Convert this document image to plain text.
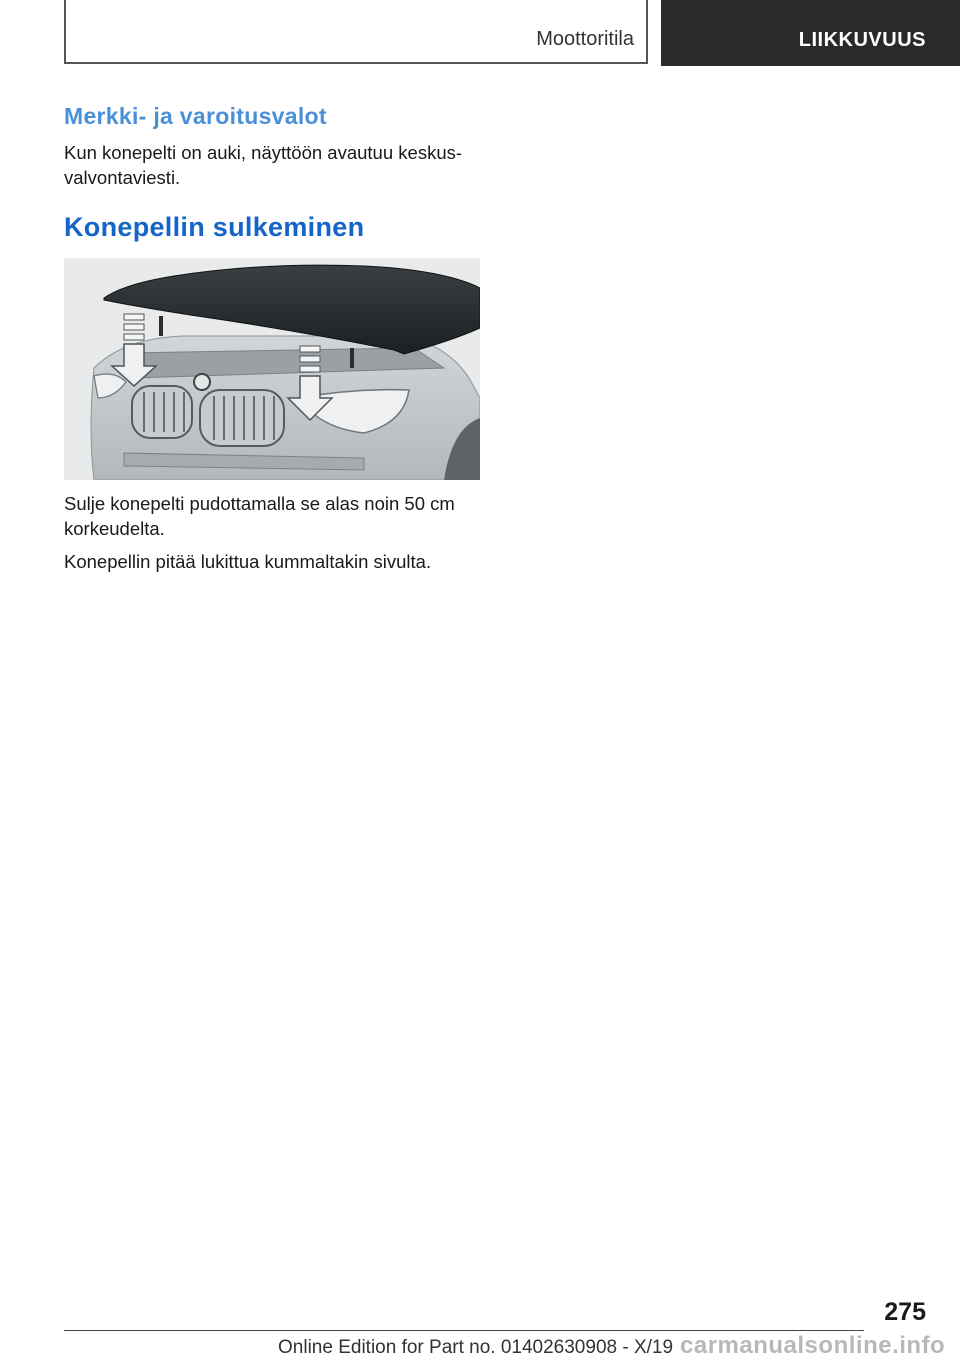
Moottoritila	LIIKKUVUUS
Merkki- ja varoitusvalot

Kun konepelti on auki, näyttöön avautuu keskus-
valvontaviesti.

Konepellin sulkeminen

Sulje konepelti pudottamalla se alas noin 50 cm
korkeudelta.

Konepellin pitää lukittua kummaltakin sivulta.

275
Online Edition for Part no. 01402630908 - X/19 carmanualsonline.info
